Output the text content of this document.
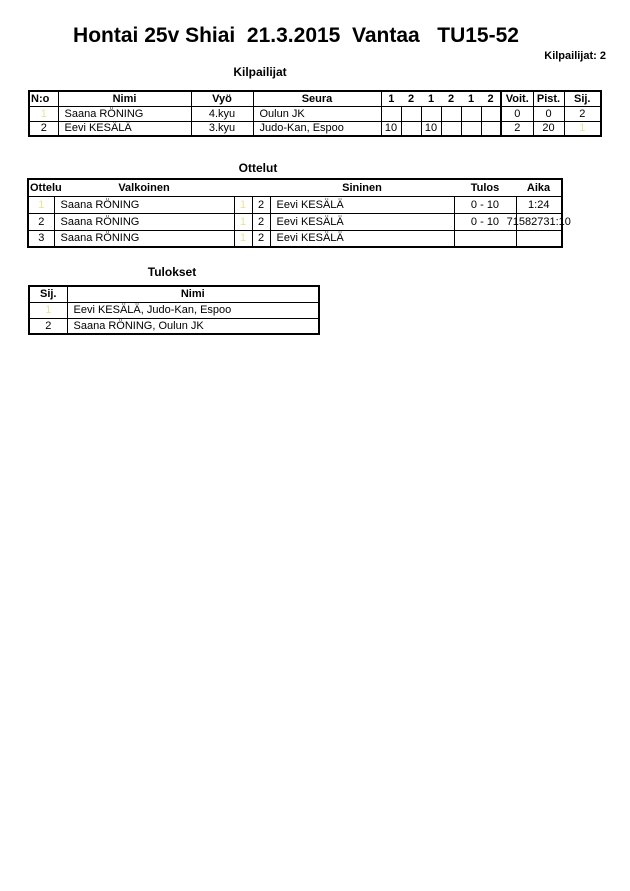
Hontai 25v Shiai  21.3.2015  Vantaa   TU15-52
Kilpailijat: 2
Kilpailijat
N:o	Nimi	Vyö	Seura	1	2	1	2	1	2	Voit.	Pist.	Sij.
1	Saana RÖNING	4.kyu	Oulun JK							0	0	2
2	Eevi KESÄLÄ	3.kyu	Judo-Kan, Espoo	10		10				2	20	1
Ottelut
Ottelu	Valkoinen			Sininen	Tulos	Aika
1	Saana RÖNING	1	2	Eevi KESÄLÄ	0 - 10	1:24
2	Saana RÖNING	1	2	Eevi KESÄLÄ	0 - 10	71582731:10

3	Saana RÖNING	1	2	Eevi KESÄLÄ		
Tulokset
Sij.	Nimi
1	Eevi KESÄLÄ, Judo-Kan, Espoo
2	Saana RÖNING, Oulun JK
